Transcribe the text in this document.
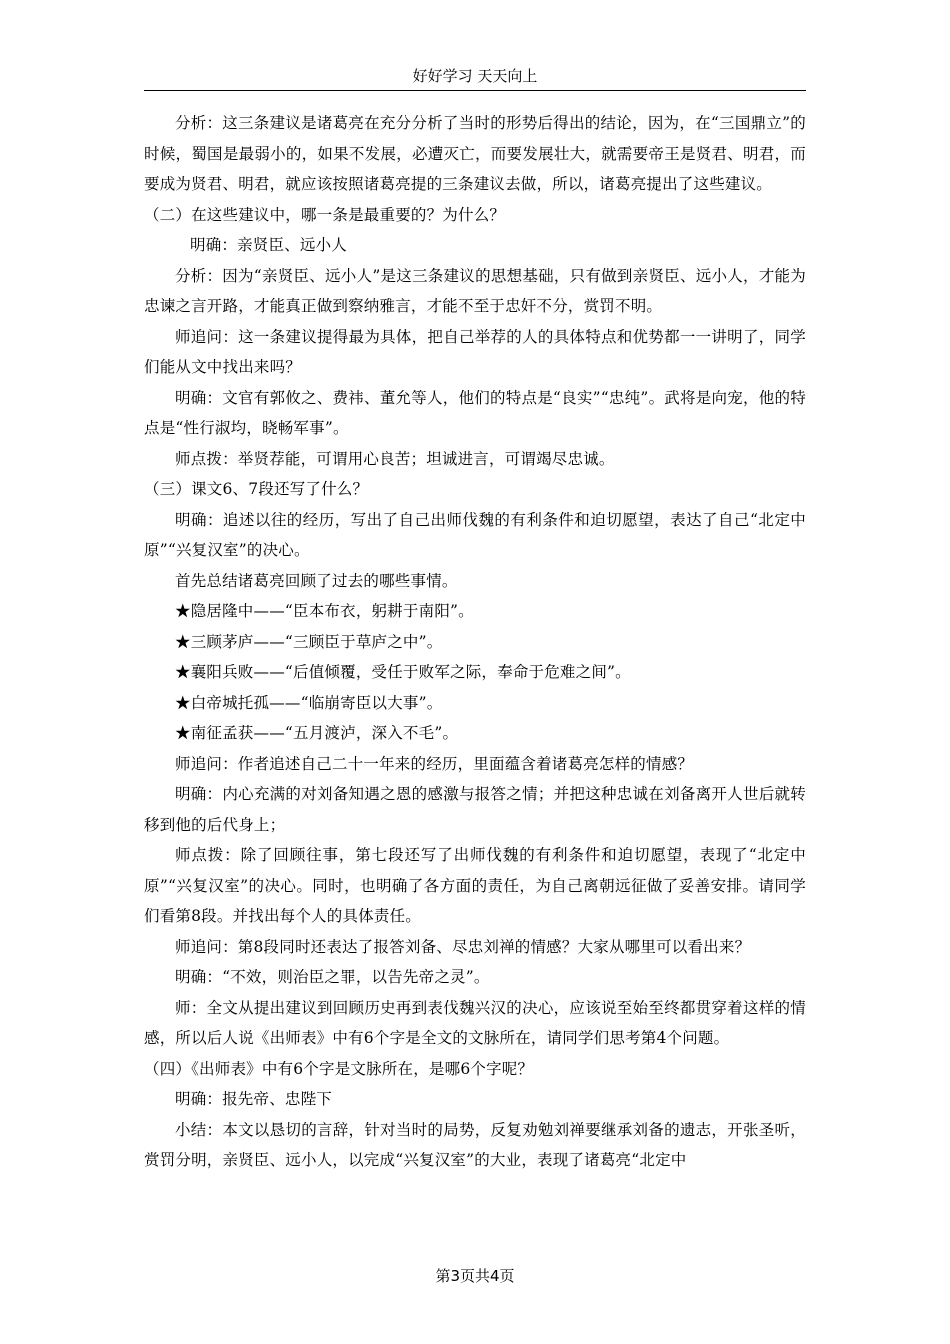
好好学习 天天向上

分析：这三条建议是诸葛亮在充分分析了当时的形势后得出的结论，因为，在“三国鼎立”的时候，蜀国是最弱小的，如果不发展，必遭灭亡，而要发展壮大，就需要帝王是贤君、明君，而要成为贤君、明君，就应该按照诸葛亮提的三条建议去做，所以，诸葛亮提出了这些建议。

（二）在这些建议中，哪一条是最重要的？为什么？

明确：亲贤臣、远小人

分析：因为“亲贤臣、远小人”是这三条建议的思想基础，只有做到亲贤臣、远小人，才能为忠谏之言开路，才能真正做到察纳雅言，才能不至于忠奸不分，赏罚不明。

师追问：这一条建议提得最为具体，把自己举荐的人的具体特点和优势都一一讲明了，同学们能从文中找出来吗？

明确：文官有郭攸之、费祎、董允等人，他们的特点是“良实”“忠纯”。武将是向宠，他的特点是“性行淑均，晓畅军事”。

师点拨：举贤荐能，可谓用心良苦；坦诚进言，可谓竭尽忠诚。

（三）课文6、7段还写了什么？

明确：追述以往的经历，写出了自己出师伐魏的有利条件和迫切愿望，表达了自己“北定中原”“兴复汉室”的决心。

首先总结诸葛亮回顾了过去的哪些事情。

★隐居隆中——“臣本布衣，躬耕于南阳”。

★三顾茅庐——“三顾臣于草庐之中”。

★襄阳兵败——“后值倾覆，受任于败军之际，奉命于危难之间”。

★白帝城托孤——“临崩寄臣以大事”。

★南征孟获——“五月渡泸，深入不毛”。

师追问：作者追述自己二十一年来的经历，里面蕴含着诸葛亮怎样的情感？

明确：内心充满的对刘备知遇之恩的感激与报答之情；并把这种忠诚在刘备离开人世后就转移到他的后代身上；

师点拨：除了回顾往事，第七段还写了出师伐魏的有利条件和迫切愿望，表现了“北定中原”“兴复汉室”的决心。同时，也明确了各方面的责任，为自己离朝远征做了妥善安排。请同学们看第8段。并找出每个人的具体责任。

师追问：第8段同时还表达了报答刘备、尽忠刘禅的情感？大家从哪里可以看出来？

明确：“不效，则治臣之罪，以告先帝之灵”。

师：全文从提出建议到回顾历史再到表伐魏兴汉的决心，应该说至始至终都贯穿着这样的情感，所以后人说《出师表》中有6个字是全文的文脉所在，请同学们思考第4个问题。

（四）《出师表》中有6个字是文脉所在，是哪6个字呢？

明确：报先帝、忠陛下

小结：本文以恳切的言辞，针对当时的局势，反复劝勉刘禅要继承刘备的遗志，开张圣听，赏罚分明，亲贤臣、远小人，以完成“兴复汉室”的大业，表现了诸葛亮“北定中

第3页共4页
